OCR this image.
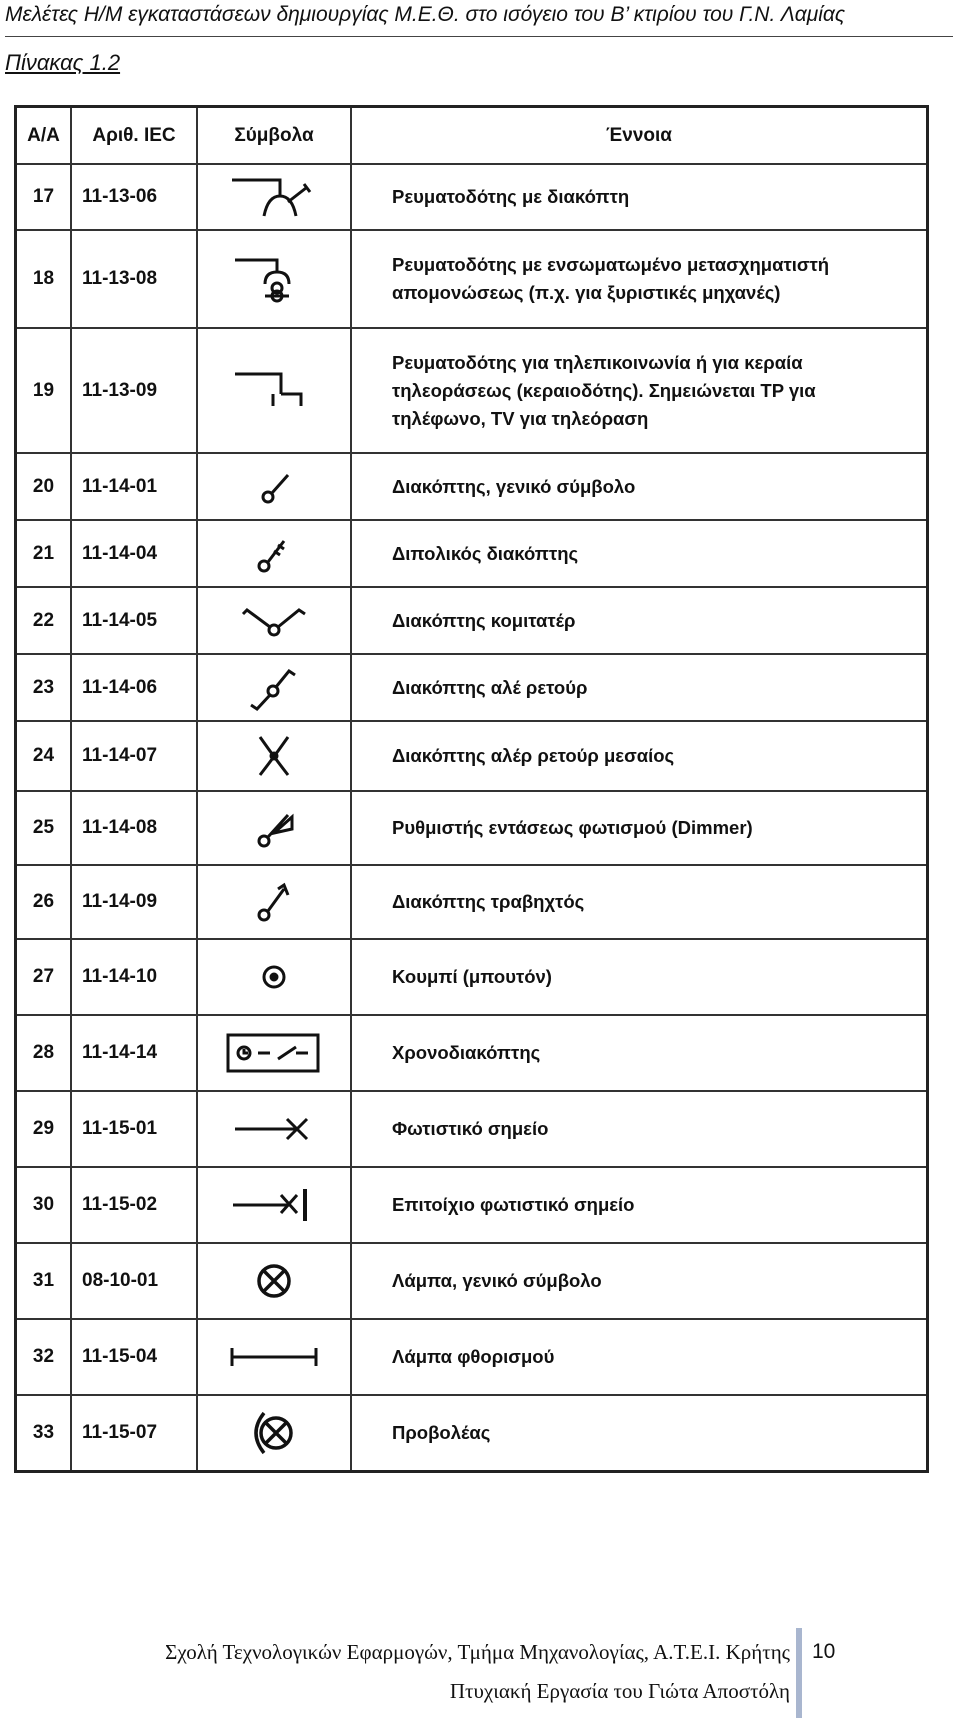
Μελέτες Η/Μ εγκαταστάσεων δημιουργίας Μ.Ε.Θ. στο ισόγειο του Β’ κτιρίου του Γ.Ν. Λαμίας
Πίνακας 1.2
Α/Α	Αριθ. IEC	Σύμβολα	Έννοια
17	11-13-06		Ρευματοδότης με διακόπτη
18	11-13-08		Ρευματοδότης με ενσωματωμένο μετασχηματιστή απομονώσεως (π.χ. για ξυριστικές μηχανές)
19	11-13-09		Ρευματοδότης για τηλεπικοινωνία ή για κεραία τηλεοράσεως (κεραιοδότης). Σημειώνεται TP για τηλέφωνο, TV για τηλεόραση
20	11-14-01		Διακόπτης, γενικό σύμβολο
21	11-14-04		Διπολικός διακόπτης
22	11-14-05		Διακόπτης κομιτατέρ
23	11-14-06		Διακόπτης αλέ ρετούρ
24	11-14-07		Διακόπτης αλέρ ρετούρ μεσαίος
25	11-14-08		Ρυθμιστής εντάσεως φωτισμού (Dimmer)
26	11-14-09		Διακόπτης τραβηχτός
27	11-14-10		Κουμπί (μπουτόν)
28	11-14-14		Χρονοδιακόπτης
29	11-15-01		Φωτιστικό σημείο
30	11-15-02		Επιτοίχιο φωτιστικό σημείο
31	08-10-01		Λάμπα, γενικό σύμβολο
32	11-15-04		Λάμπα φθορισμού
33	11-15-07		Προβολέας
Σχολή Τεχνολογικών Εφαρμογών, Τμήμα Μηχανολογίας, Α.Τ.Ε.Ι. Κρήτης
Πτυχιακή Εργασία του Γιώτα Αποστόλη
10
